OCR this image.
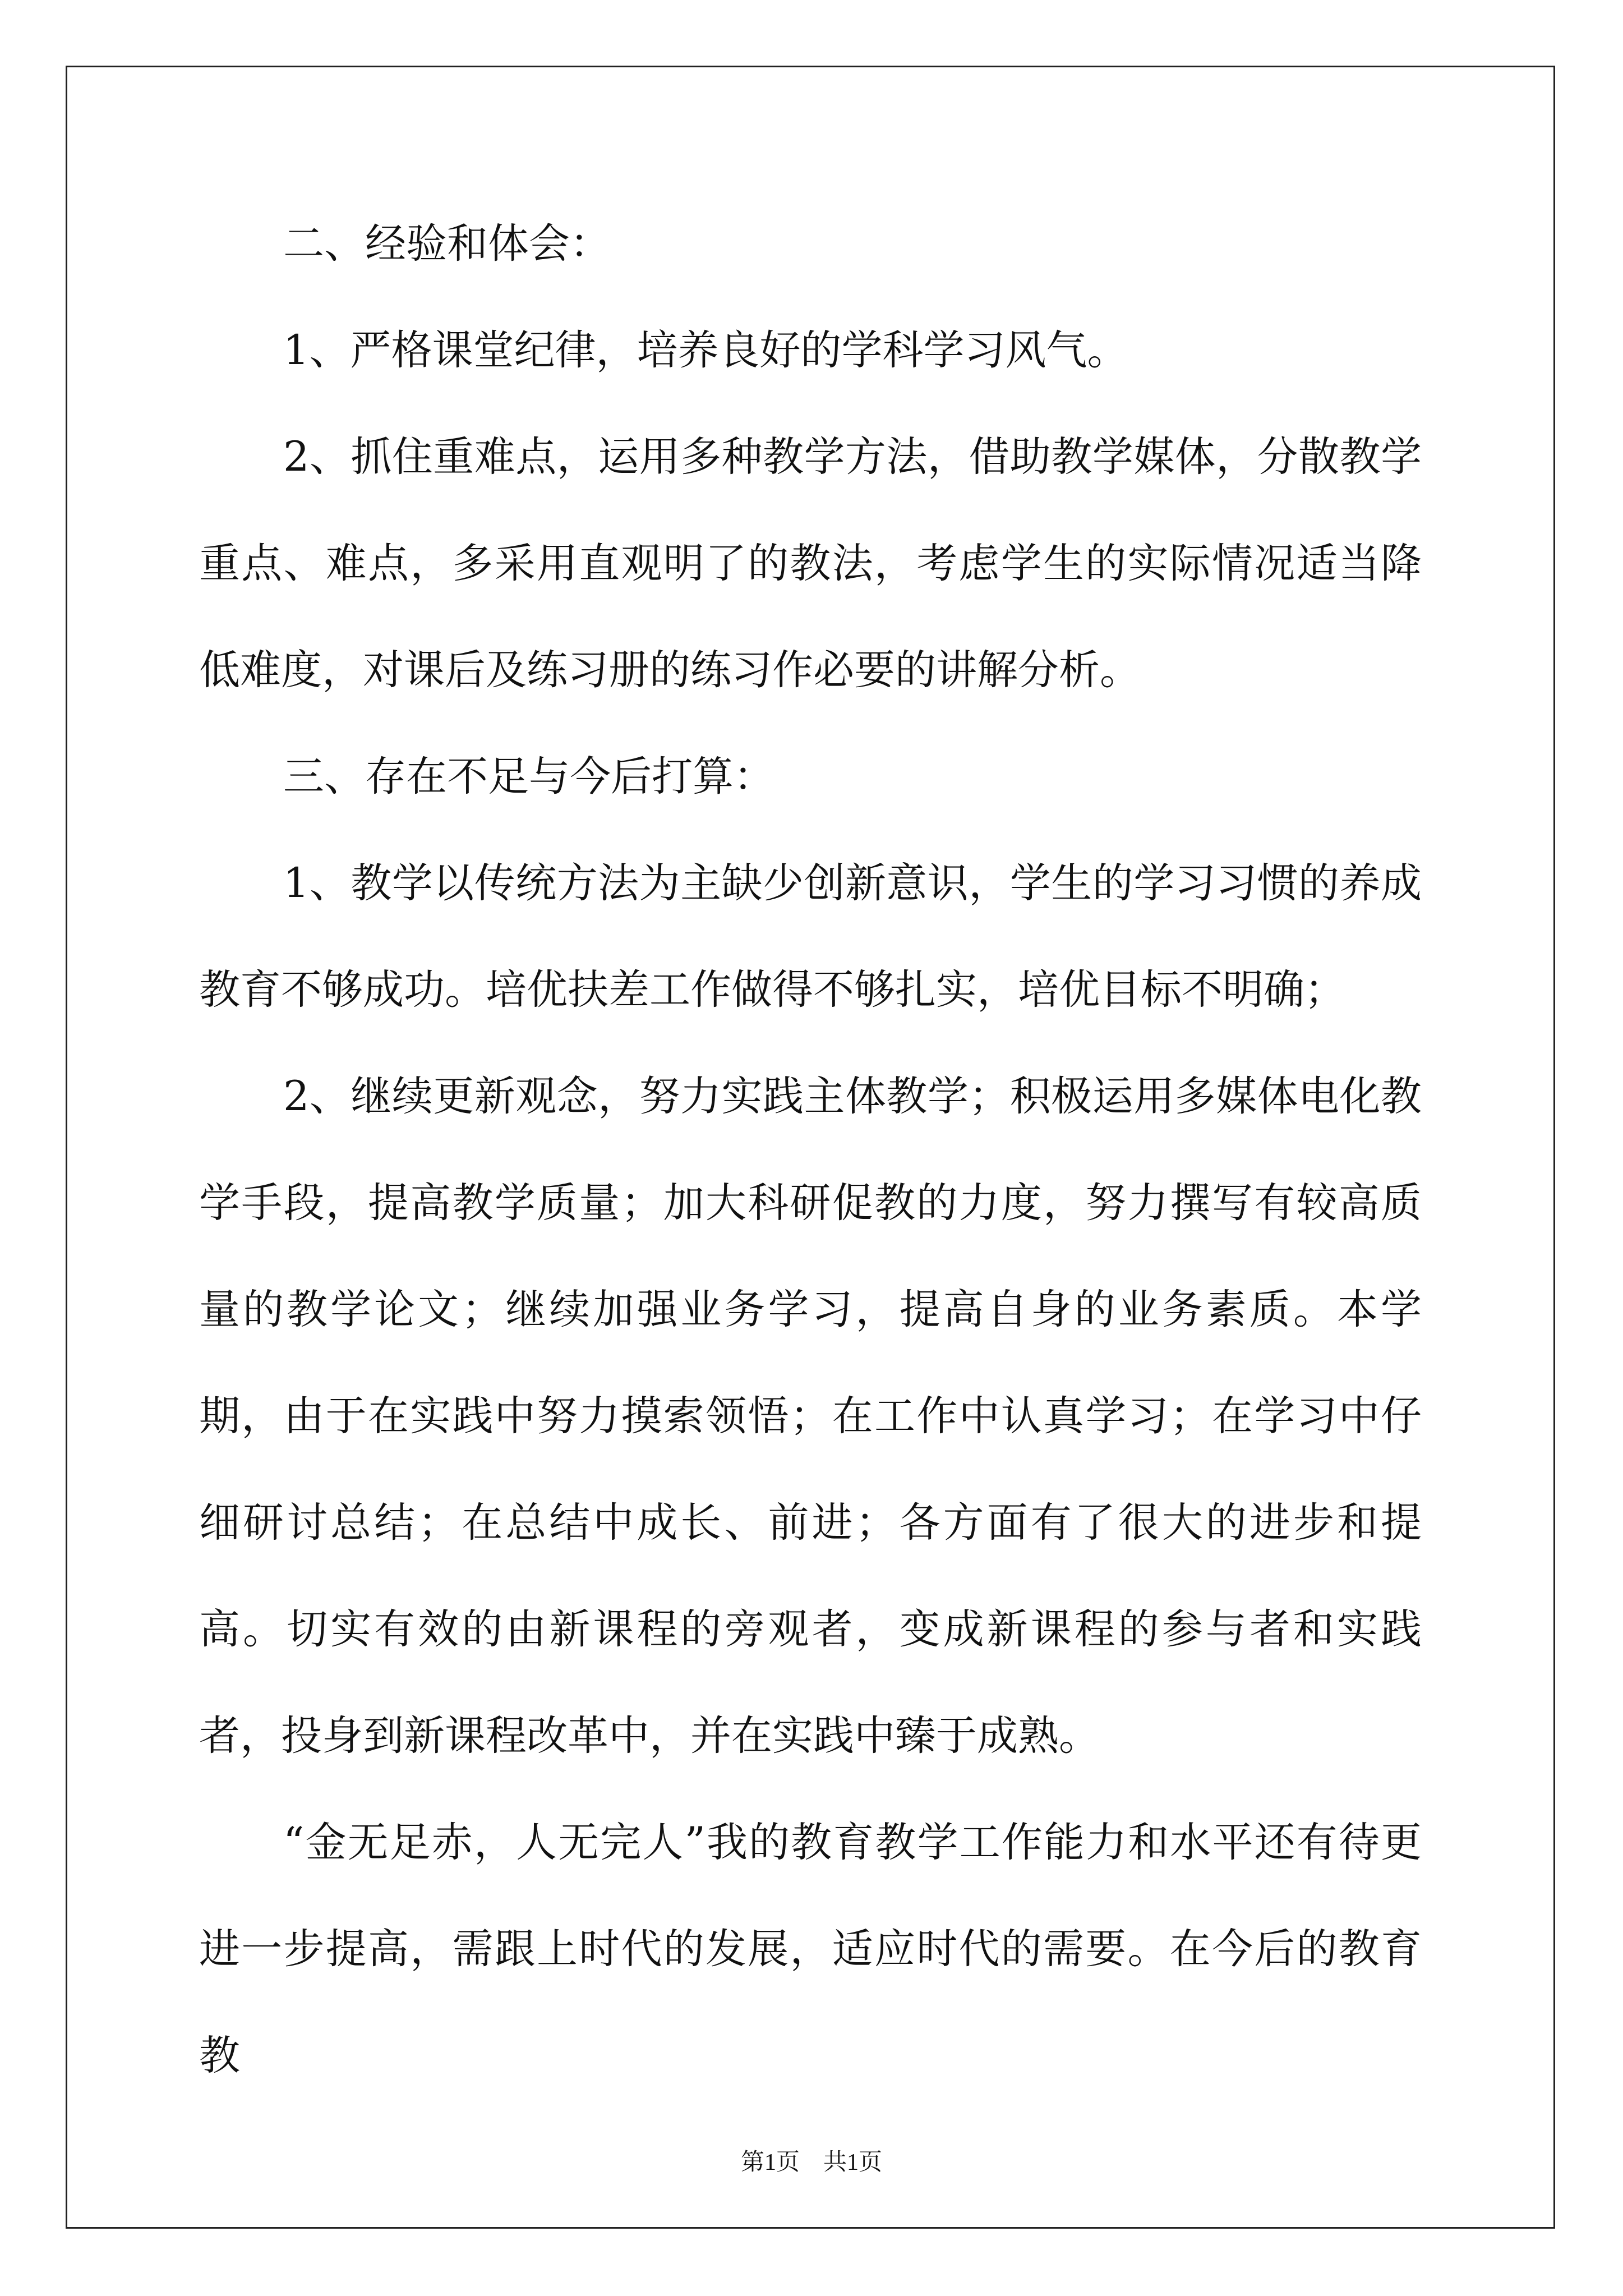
二、经验和体会：

1、严格课堂纪律，培养良好的学科学习风气。

2、抓住重难点，运用多种教学方法，借助教学媒体，分散教学重点、难点，多采用直观明了的教法，考虑学生的实际情况适当降低难度，对课后及练习册的练习作必要的讲解分析。

三、存在不足与今后打算：

1、教学以传统方法为主缺少创新意识，学生的学习习惯的养成教育不够成功。培优扶差工作做得不够扎实，培优目标不明确；

2、继续更新观念，努力实践主体教学；积极运用多媒体电化教学手段，提高教学质量；加大科研促教的力度，努力撰写有较高质量的教学论文；继续加强业务学习，提高自身的业务素质。本学期，由于在实践中努力摸索领悟；在工作中认真学习；在学习中仔细研讨总结；在总结中成长、前进；各方面有了很大的进步和提高。切实有效的由新课程的旁观者，变成新课程的参与者和实践者，投身到新课程改革中，并在实践中臻于成熟。

“金无足赤，人无完人”我的教育教学工作能力和水平还有待更进一步提高，需跟上时代的发展，适应时代的需要。在今后的教育教

第1页　共1页
